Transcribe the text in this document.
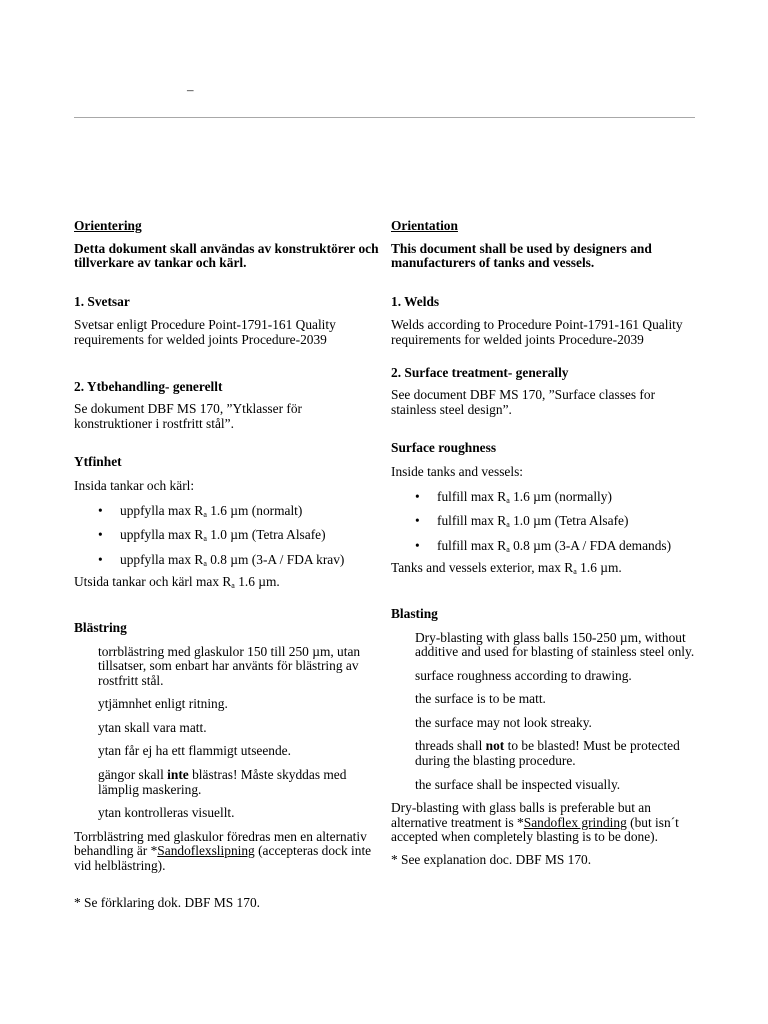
–

Orientering

Detta dokument skall användas av konstruktörer och tillverkare av tankar och kärl.

1. Svetsar

Svetsar enligt Procedure Point-1791-161 Quality requirements for welded joints Procedure-2039

2. Ytbehandling- generellt

Se dokument DBF MS 170, ”Ytklasser för konstruktioner i rostfritt stål”.

Ytfinhet

Insida tankar och kärl:

• uppfylla $\max R_a$ 1.6 µm (normalt)
• uppfylla $\max R_a$ 1.0 µm (Tetra Alsafe)
• uppfylla $\max R_a$ 0.8 µm (3-A / FDA krav)

Utsida tankar och kärl $\max R_a$ 1.6 µm.

Blästring

torrblästring med glaskulor 150 till 250 µm, utan tillsatser, som enbart har använts för blästring av rostfritt stål.

ytjämnhet enligt ritning.

ytan skall vara matt.

ytan får ej ha ett flammigt utseende.

gängor skall inte blästras! Måste skyddas med lämplig maskering.

ytan kontrolleras visuellt.

Torrblästring med glaskulor föredras men en alternativ behandling är *Sandoflexslipning (accepteras dock inte vid helblästring).

* Se förklaring dok. DBF MS 170.

Orientation

This document shall be used by designers and manufacturers of tanks and vessels.

1. Welds

Welds according to Procedure Point-1791-161 Quality requirements for welded joints Procedure-2039

2. Surface treatment- generally

See document DBF MS 170, ”Surface classes for stainless steel design”.

Surface roughness

Inside tanks and vessels:

• fulfill $\max R_a$ 1.6 µm (normally)
• fulfill $\max R_a$ 1.0 µm (Tetra Alsafe)
• fulfill $\max R_a$ 0.8 µm (3-A / FDA demands)

Tanks and vessels exterior, $\max R_a$ 1.6 µm.

Blasting

Dry-blasting with glass balls 150-250 µm, without additive and used for blasting of stainless steel only.

surface roughness according to drawing.

the surface is to be matt.

the surface may not look streaky.

threads shall not to be blasted! Must be protected during the blasting procedure.

the surface shall be inspected visually.

Dry-blasting with glass balls is preferable but an alternative treatment is *Sandoflex grinding (but isn´t accepted when completely blasting is to be done).

* See explanation doc. DBF MS 170.
